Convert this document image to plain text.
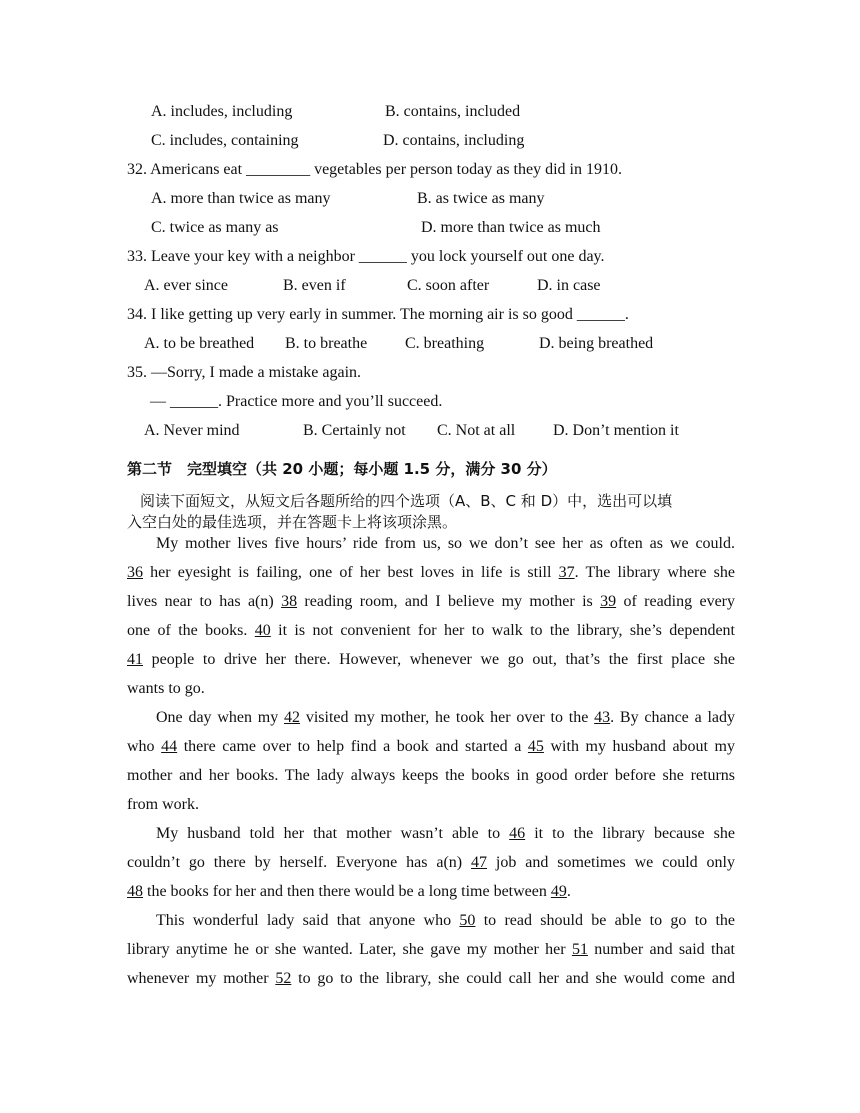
A. includes, including	B. contains, included
C. includes, containing	D. contains, including
32. Americans eat ________ vegetables per person today as they did in 1910.
A. more than twice as many	B. as twice as many
C. twice as many as	D. more than twice as much
33. Leave your key with a neighbor ______ you lock yourself out one day.
A. ever since	B. even if	C. soon after	D. in case
34. I like getting up very early in summer. The morning air is so good ______.
A. to be breathed B. to breathe C. breathing	D. being breathed
35. —Sorry, I made a mistake again.
— ______. Practice more and you’ll succeed.
A. Never mind	B. Certainly not C. Not at all D. Don’t mention it
第二节　完型填空（共 20 小题；每小题 1.5 分，满分 30 分）
阅读下面短文，从短文后各题所给的四个选项（A、B、C 和 D）中，选出可以填
入空白处的最佳选项，并在答题卡上将该项涂黑。
My mother lives five hours’ ride from us, so we don’t see her as often as we could.
36 her eyesight is failing, one of her best loves in life is still 37. The library where she
lives near to has a(n) 38 reading room, and I believe my mother is 39 of reading every
one of the books. 40 it is not convenient for her to walk to the library, she’s dependent
41 people to drive her there. However, whenever we go out, that’s the first place she
wants to go.
One day when my 42 visited my mother, he took her over to the 43. By chance a lady
who 44 there came over to help find a book and started a 45 with my husband about my
mother and her books. The lady always keeps the books in good order before she returns
from work.
My husband told her that mother wasn’t able to 46 it to the library because she
couldn’t go there by herself. Everyone has a(n) 47 job and sometimes we could only
48 the books for her and then there would be a long time between 49.
This wonderful lady said that anyone who 50 to read should be able to go to the
library anytime he or she wanted. Later, she gave my mother her 51 number and said that
whenever my mother 52 to go to the library, she could call her and she would come and
